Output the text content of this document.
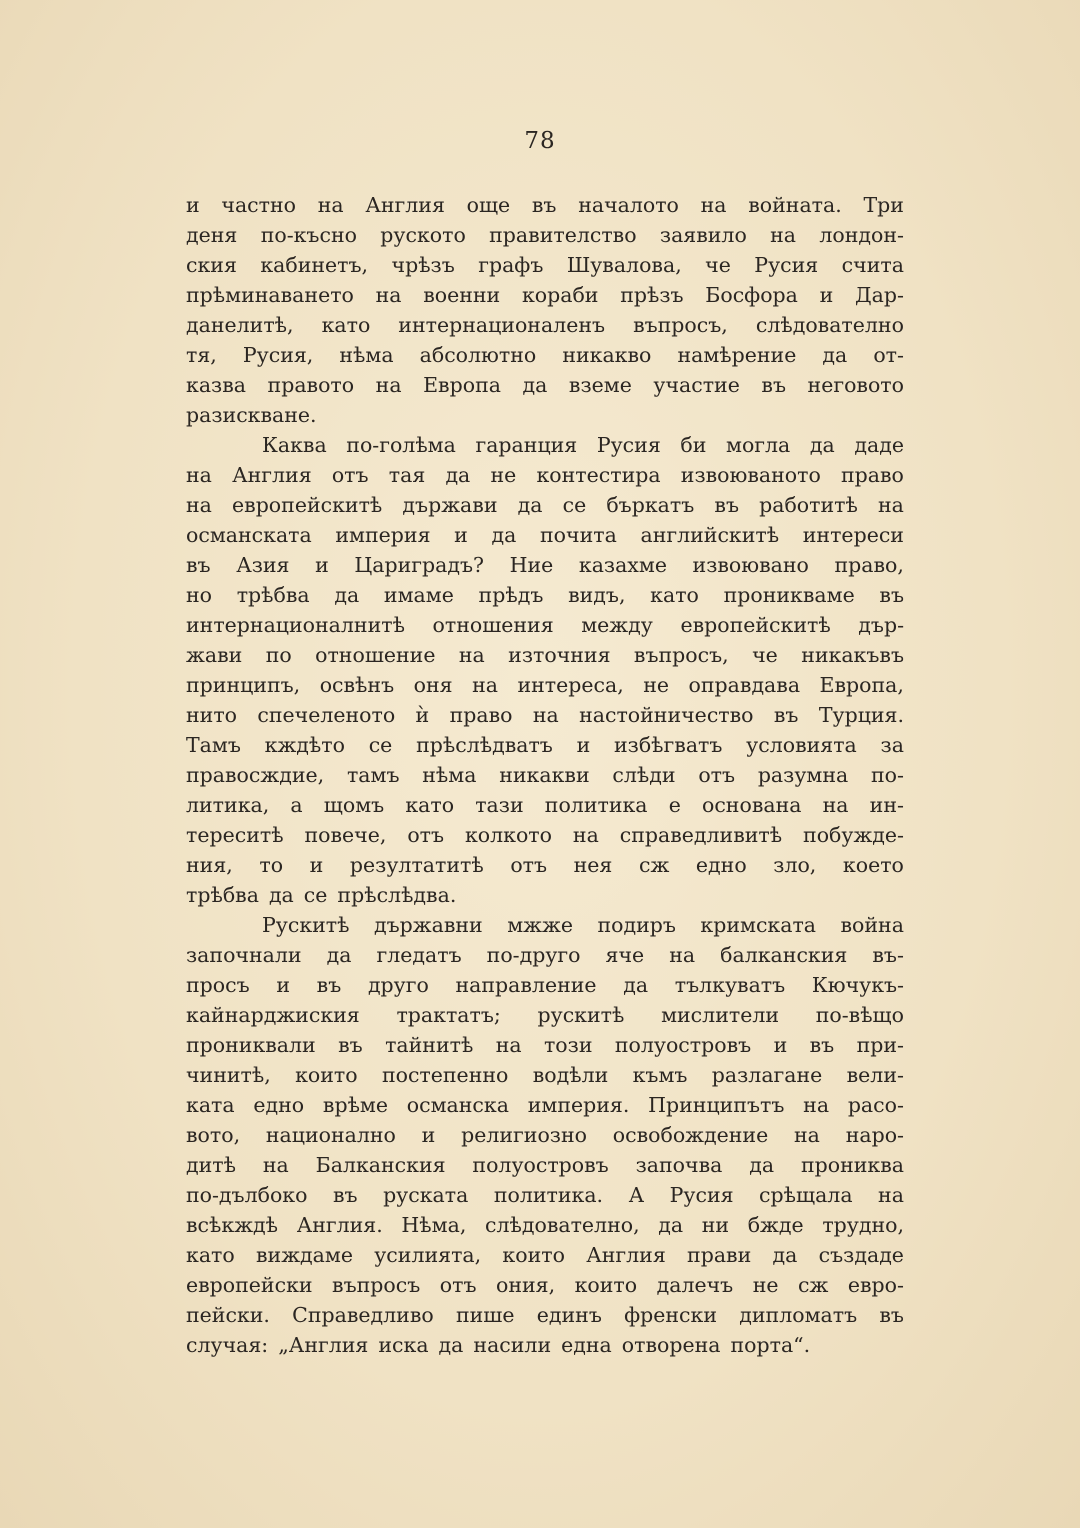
78
и частно на Англия още въ началото на войната. Три
деня по-късно руското правителство заявило на лондон-
ския кабинетъ, чрѣзъ графъ Шувалова, че Русия счита
прѣминаването на военни кораби прѣзъ Босфора и Дар-
данелитѣ, като интернационаленъ въпросъ, слѣдователно
тя, Русия, нѣма абсолютно никакво намѣрение да от-
казва правото на Европа да вземе участие въ неговото
разискване.
Каква по-голѣма гаранция Русия би могла да даде
на Англия отъ тая да не контестира извоюваното право
на европейскитѣ държави да се бъркатъ въ работитѣ на
османската империя и да почита английскитѣ интереси
въ Азия и Цариградъ? Ние казахме извоювано право,
но трѣбва да имаме прѣдъ видъ, като проникваме въ
интернационалнитѣ отношения между европейскитѣ дър-
жави по отношение на източния въпросъ, че никакъвъ
принципъ, освѣнъ оня на интереса, не оправдава Европа,
нито спечеленото ѝ право на настойничество въ Турция.
Тамъ кждѣто се прѣслѣдватъ и избѣгватъ условията за
правосждие, тамъ нѣма никакви слѣди отъ разумна по-
литика, а щомъ като тази политика е основана на ин-
тереситѣ повече, отъ колкото на справедливитѣ побужде-
ния, то и резултатитѣ отъ нея сж едно зло, което
трѣбва да се прѣслѣдва.
Рускитѣ държавни мжже подиръ кримската война
започнали да гледатъ по-друго яче на балканския въ-
просъ и въ друго направление да тълкуватъ Кючукъ-
кайнарджиския трактатъ; рускитѣ мислители по-вѣщо
прониквали въ тайнитѣ на този полуостровъ и въ при-
чинитѣ, които постепенно водѣли къмъ разлагане вели-
ката едно врѣме османска империя. Принципътъ на расо-
вото, национално и религиозно освобождение на наро-
дитѣ на Балканския полуостровъ започва да прониква
по-дълбоко въ руската политика. А Русия срѣщала на
всѣкждѣ Англия. Нѣма, слѣдователно, да ни бжде трудно,
като виждаме усилията, които Англия прави да създаде
европейски въпросъ отъ ония, които далечъ не сж евро-
пейски. Справедливо пише единъ френски дипломатъ въ
случая: „Англия иска да насили една отворена порта“.
